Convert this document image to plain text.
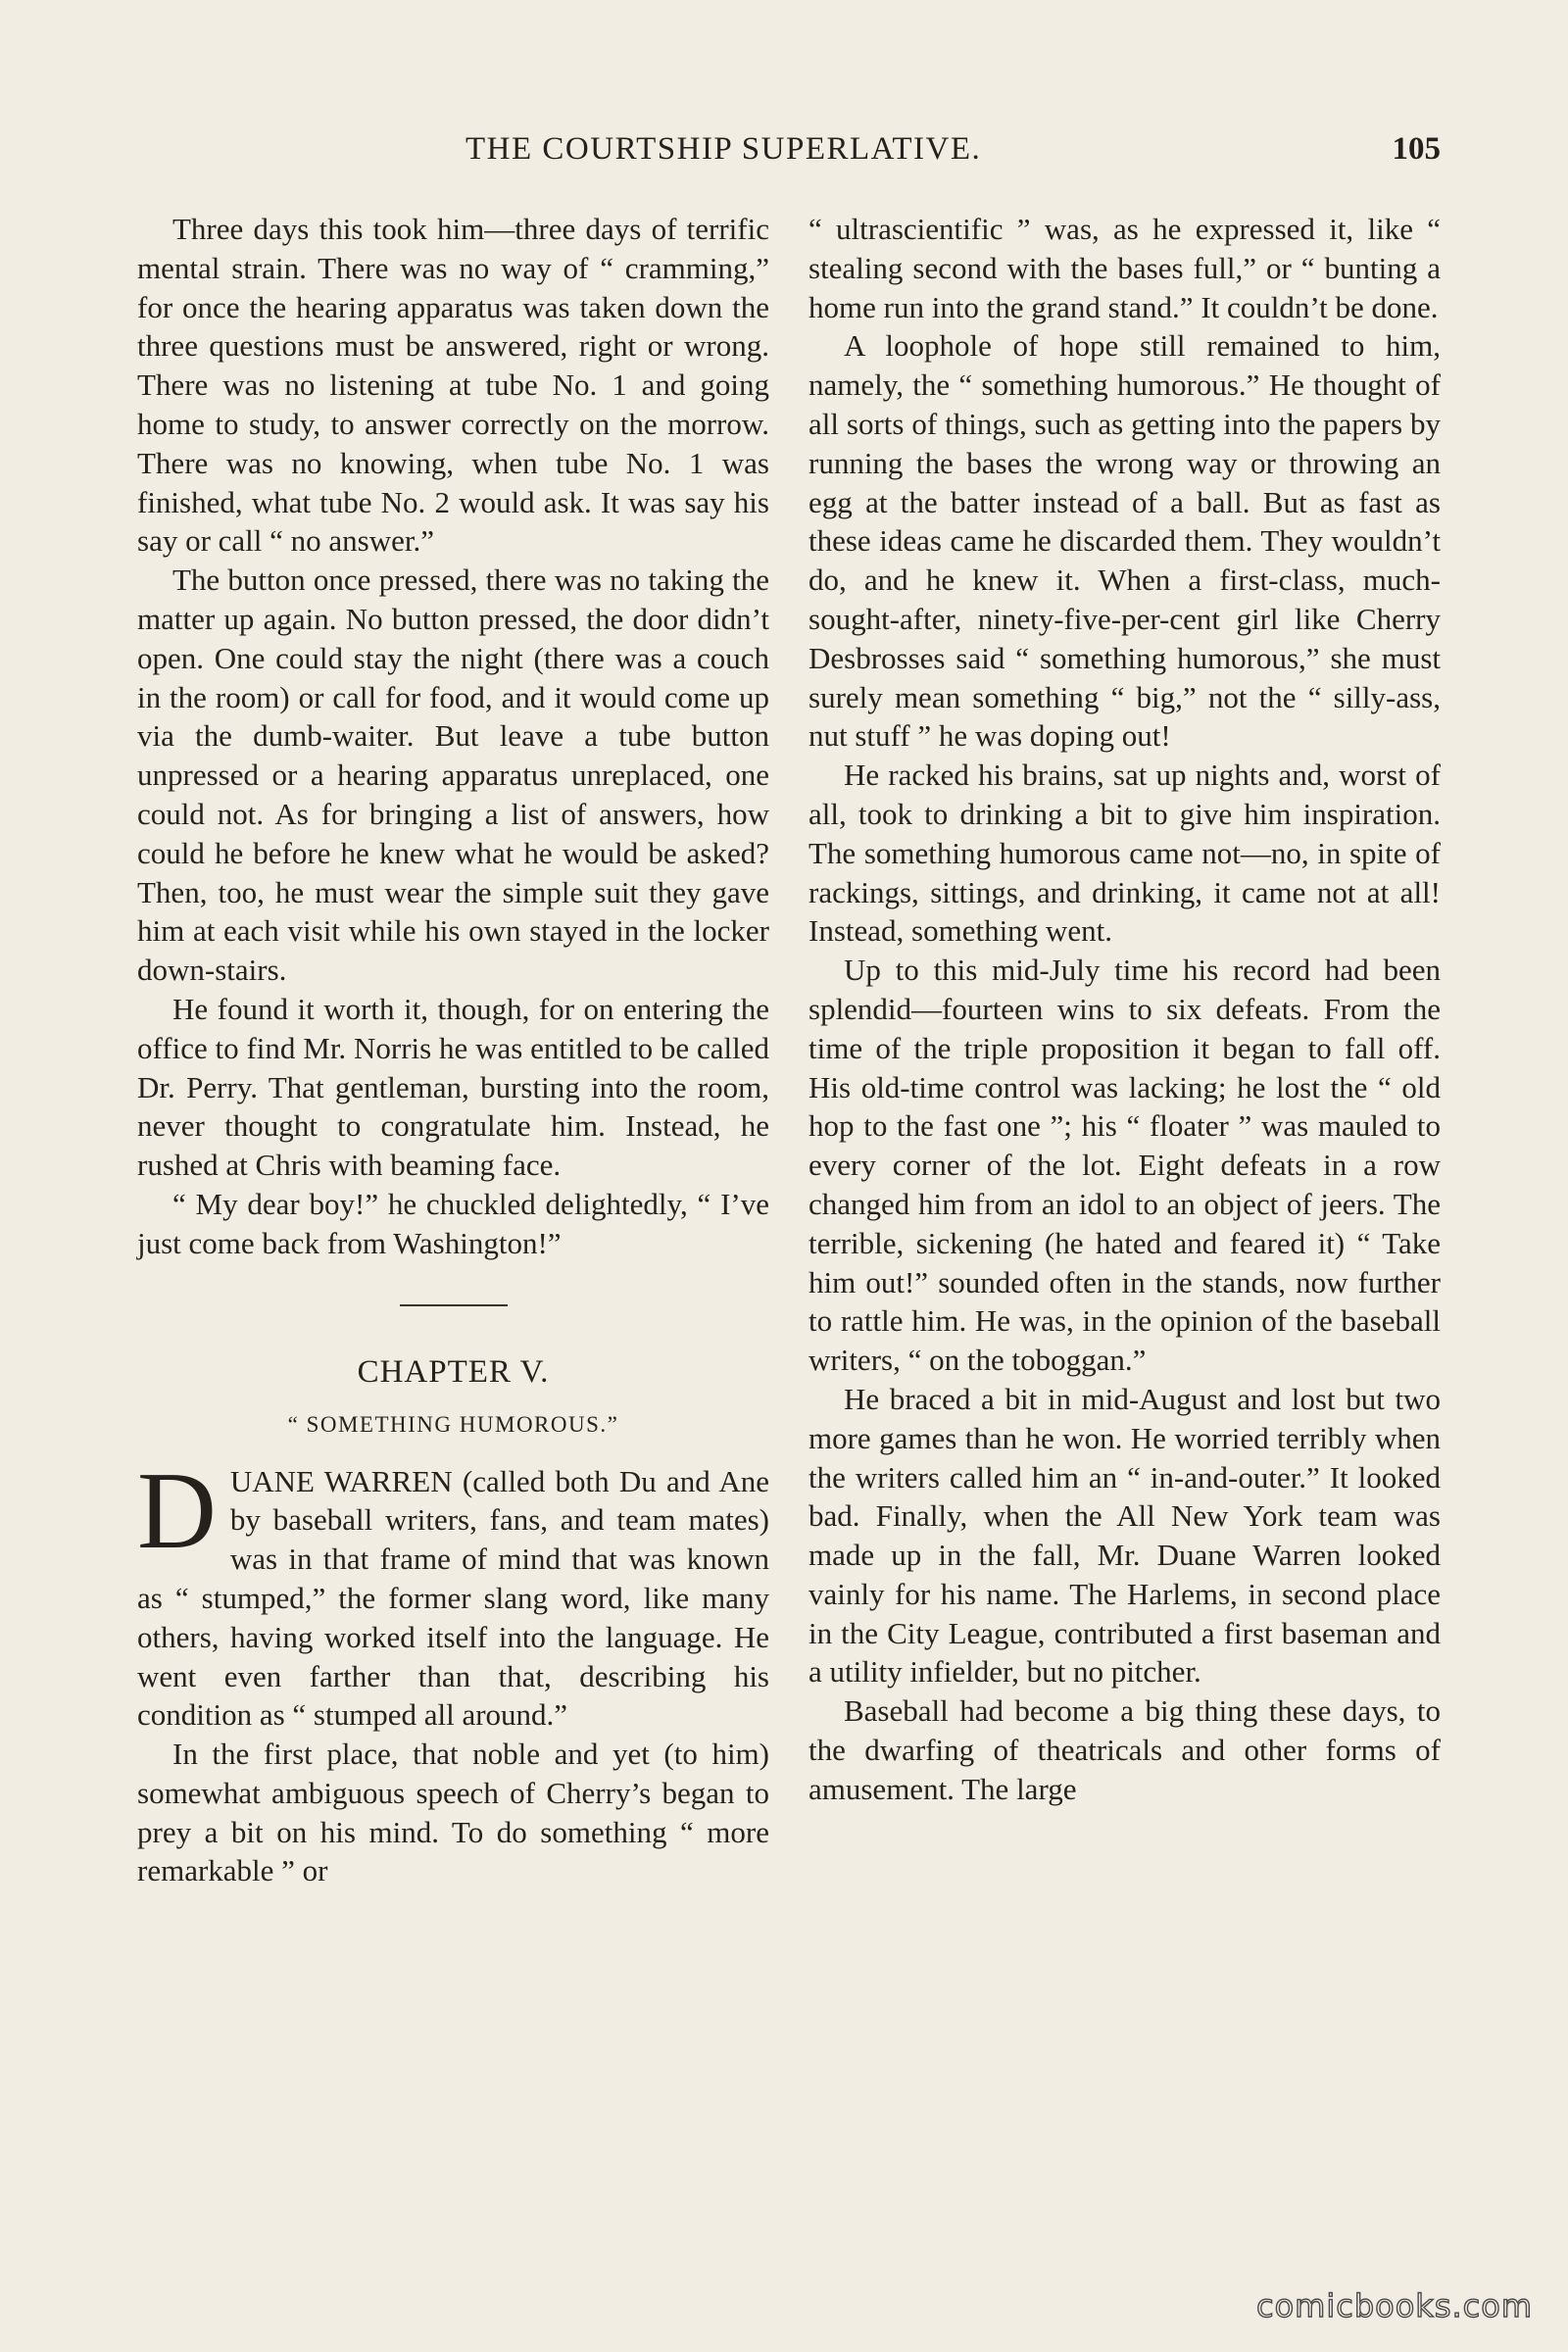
THE COURTSHIP SUPERLATIVE.	105

Three days this took him—three days of terrific mental strain. There was no way of “ cramming,” for once the hearing apparatus was taken down the three questions must be answered, right or wrong. There was no listening at tube No. 1 and going home to study, to answer correctly on the morrow. There was no knowing, when tube No. 1 was finished, what tube No. 2 would ask. It was say his say or call “ no answer.”

The button once pressed, there was no taking the matter up again. No button pressed, the door didn’t open. One could stay the night (there was a couch in the room) or call for food, and it would come up via the dumb-waiter. But leave a tube button unpressed or a hearing apparatus unreplaced, one could not. As for bringing a list of answers, how could he before he knew what he would be asked? Then, too, he must wear the simple suit they gave him at each visit while his own stayed in the locker down-stairs.

He found it worth it, though, for on entering the office to find Mr. Norris he was entitled to be called Dr. Perry. That gentleman, bursting into the room, never thought to congratulate him. Instead, he rushed at Chris with beaming face.

“ My dear boy!” he chuckled delightedly, “ I’ve just come back from Washington!”

CHAPTER V.
“ SOMETHING HUMOROUS.”

DUANE WARREN (called both Du and Ane by baseball writers, fans, and team mates) was in that frame of mind that was known as “ stumped,” the former slang word, like many others, having worked itself into the language. He went even farther than that, describing his condition as “ stumped all around.”

In the first place, that noble and yet (to him) somewhat ambiguous speech of Cherry’s began to prey a bit on his mind. To do something “ more remarkable ” or

“ ultrascientific ” was, as he expressed it, like “ stealing second with the bases full,” or “ bunting a home run into the grand stand.” It couldn’t be done.

A loophole of hope still remained to him, namely, the “ something humorous.” He thought of all sorts of things, such as getting into the papers by running the bases the wrong way or throwing an egg at the batter instead of a ball. But as fast as these ideas came he discarded them. They wouldn’t do, and he knew it. When a first-class, much-sought-after, ninety-five-per-cent girl like Cherry Desbrosses said “ something humorous,” she must surely mean something “ big,” not the “ silly-ass, nut stuff ” he was doping out!

He racked his brains, sat up nights and, worst of all, took to drinking a bit to give him inspiration. The something humorous came not—no, in spite of rackings, sittings, and drinking, it came not at all! Instead, something went.

Up to this mid-July time his record had been splendid—fourteen wins to six defeats. From the time of the triple proposition it began to fall off. His old-time control was lacking; he lost the “ old hop to the fast one ”; his “ floater ” was mauled to every corner of the lot. Eight defeats in a row changed him from an idol to an object of jeers. The terrible, sickening (he hated and feared it) “ Take him out!” sounded often in the stands, now further to rattle him. He was, in the opinion of the baseball writers, “ on the toboggan.”

He braced a bit in mid-August and lost but two more games than he won. He worried terribly when the writers called him an “ in-and-outer.” It looked bad. Finally, when the All New York team was made up in the fall, Mr. Duane Warren looked vainly for his name. The Harlems, in second place in the City League, contributed a first baseman and a utility infielder, but no pitcher.

Baseball had become a big thing these days, to the dwarfing of theatricals and other forms of amusement. The large

comicbooks.com
